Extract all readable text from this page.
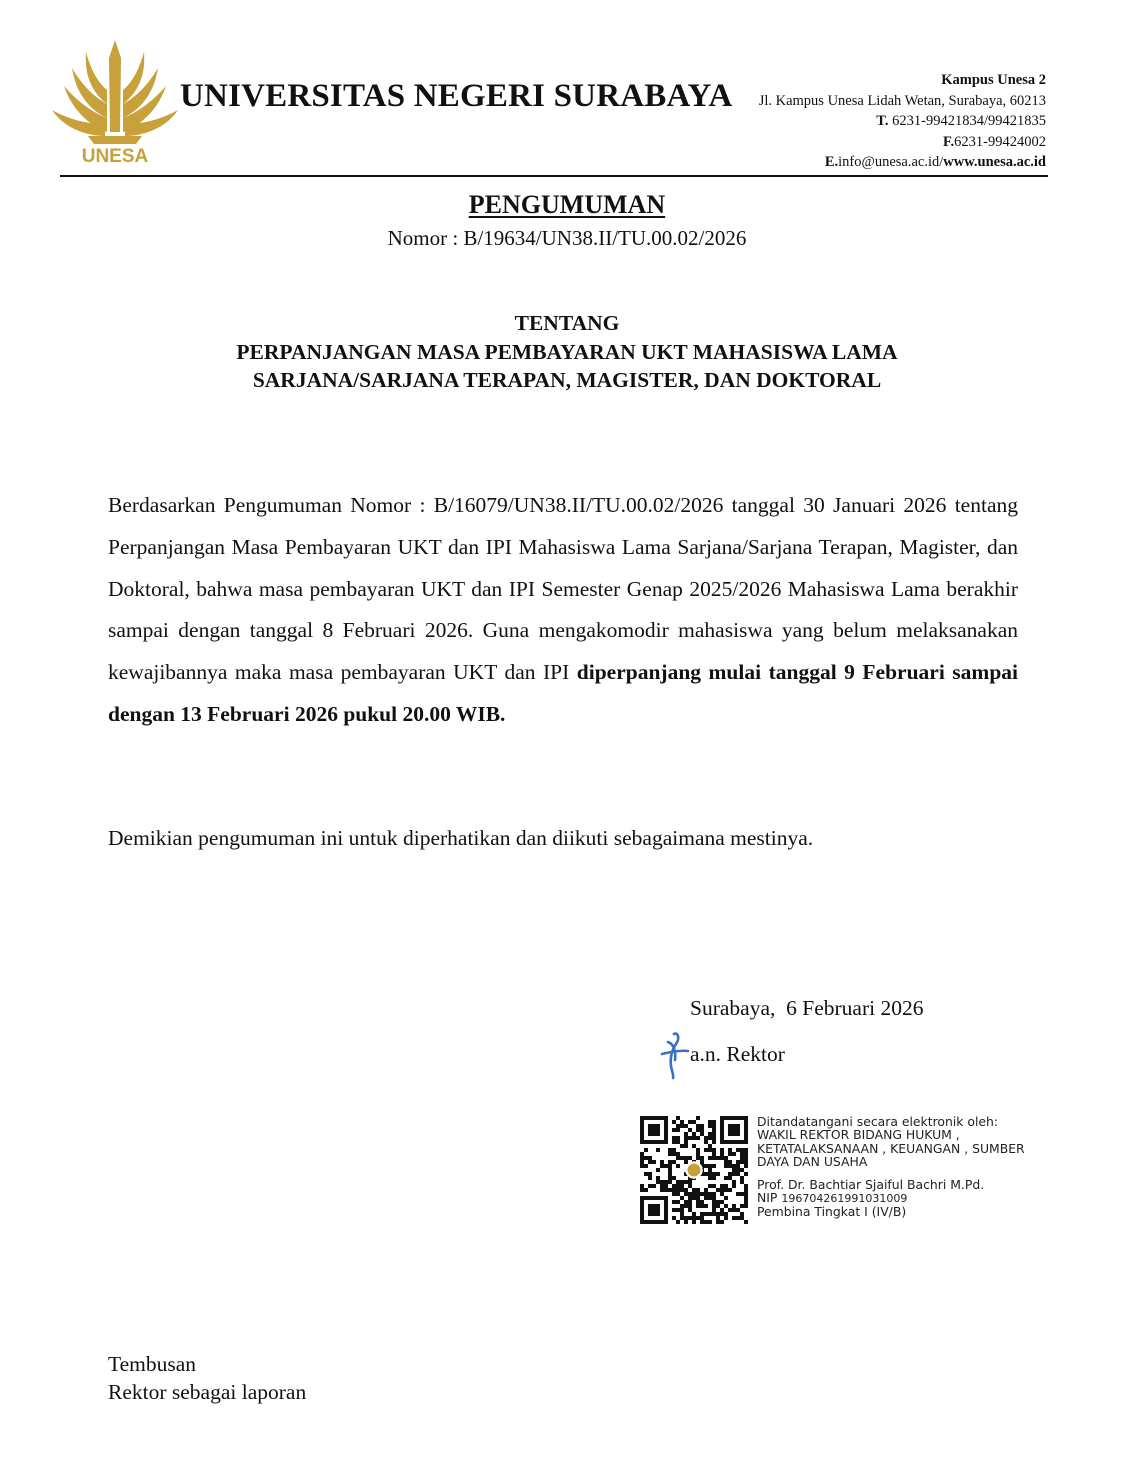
UNESA
UNIVERSITAS NEGERI SURABAYA	Kampus Unesa 2
Jl. Kampus Unesa Lidah Wetan, Surabaya, 60213
T. 6231-99421834/99421835
F.6231-99424002
E.info@unesa.ac.id/www.unesa.ac.id
PENGUMUMAN
Nomor : B/19634/UN38.II/TU.00.02/2026
TENTANG
PERPANJANGAN MASA PEMBAYARAN UKT MAHASISWA LAMA
SARJANA/SARJANA TERAPAN, MAGISTER, DAN DOKTORAL
Berdasarkan Pengumuman Nomor : B/16079/UN38.II/TU.00.02/2026 tanggal 30 Januari 2026 tentang Perpanjangan Masa Pembayaran UKT dan IPI Mahasiswa Lama Sarjana/Sarjana Terapan, Magister, dan Doktoral, bahwa masa pembayaran UKT dan IPI Semester Genap 2025/2026 Mahasiswa Lama berakhir sampai dengan tanggal 8 Februari 2026. Guna mengakomodir mahasiswa yang belum melaksanakan kewajibannya maka masa pembayaran UKT dan IPI diperpanjang mulai tanggal 9 Februari sampai dengan 13 Februari 2026 pukul 20.00 WIB.
Demikian pengumuman ini untuk diperhatikan dan diikuti sebagaimana mestinya.
Surabaya,  6 Februari 2026
a.n. Rektor
Ditandatangani secara elektronik oleh:
WAKIL REKTOR BIDANG HUKUM ,
KETATALAKSANAAN , KEUANGAN , SUMBER
DAYA DAN USAHA
Prof. Dr. Bachtiar Sjaiful Bachri M.Pd.
NIP 196704261991031009
Pembina Tingkat I (IV/B)
Tembusan
Rektor sebagai laporan
